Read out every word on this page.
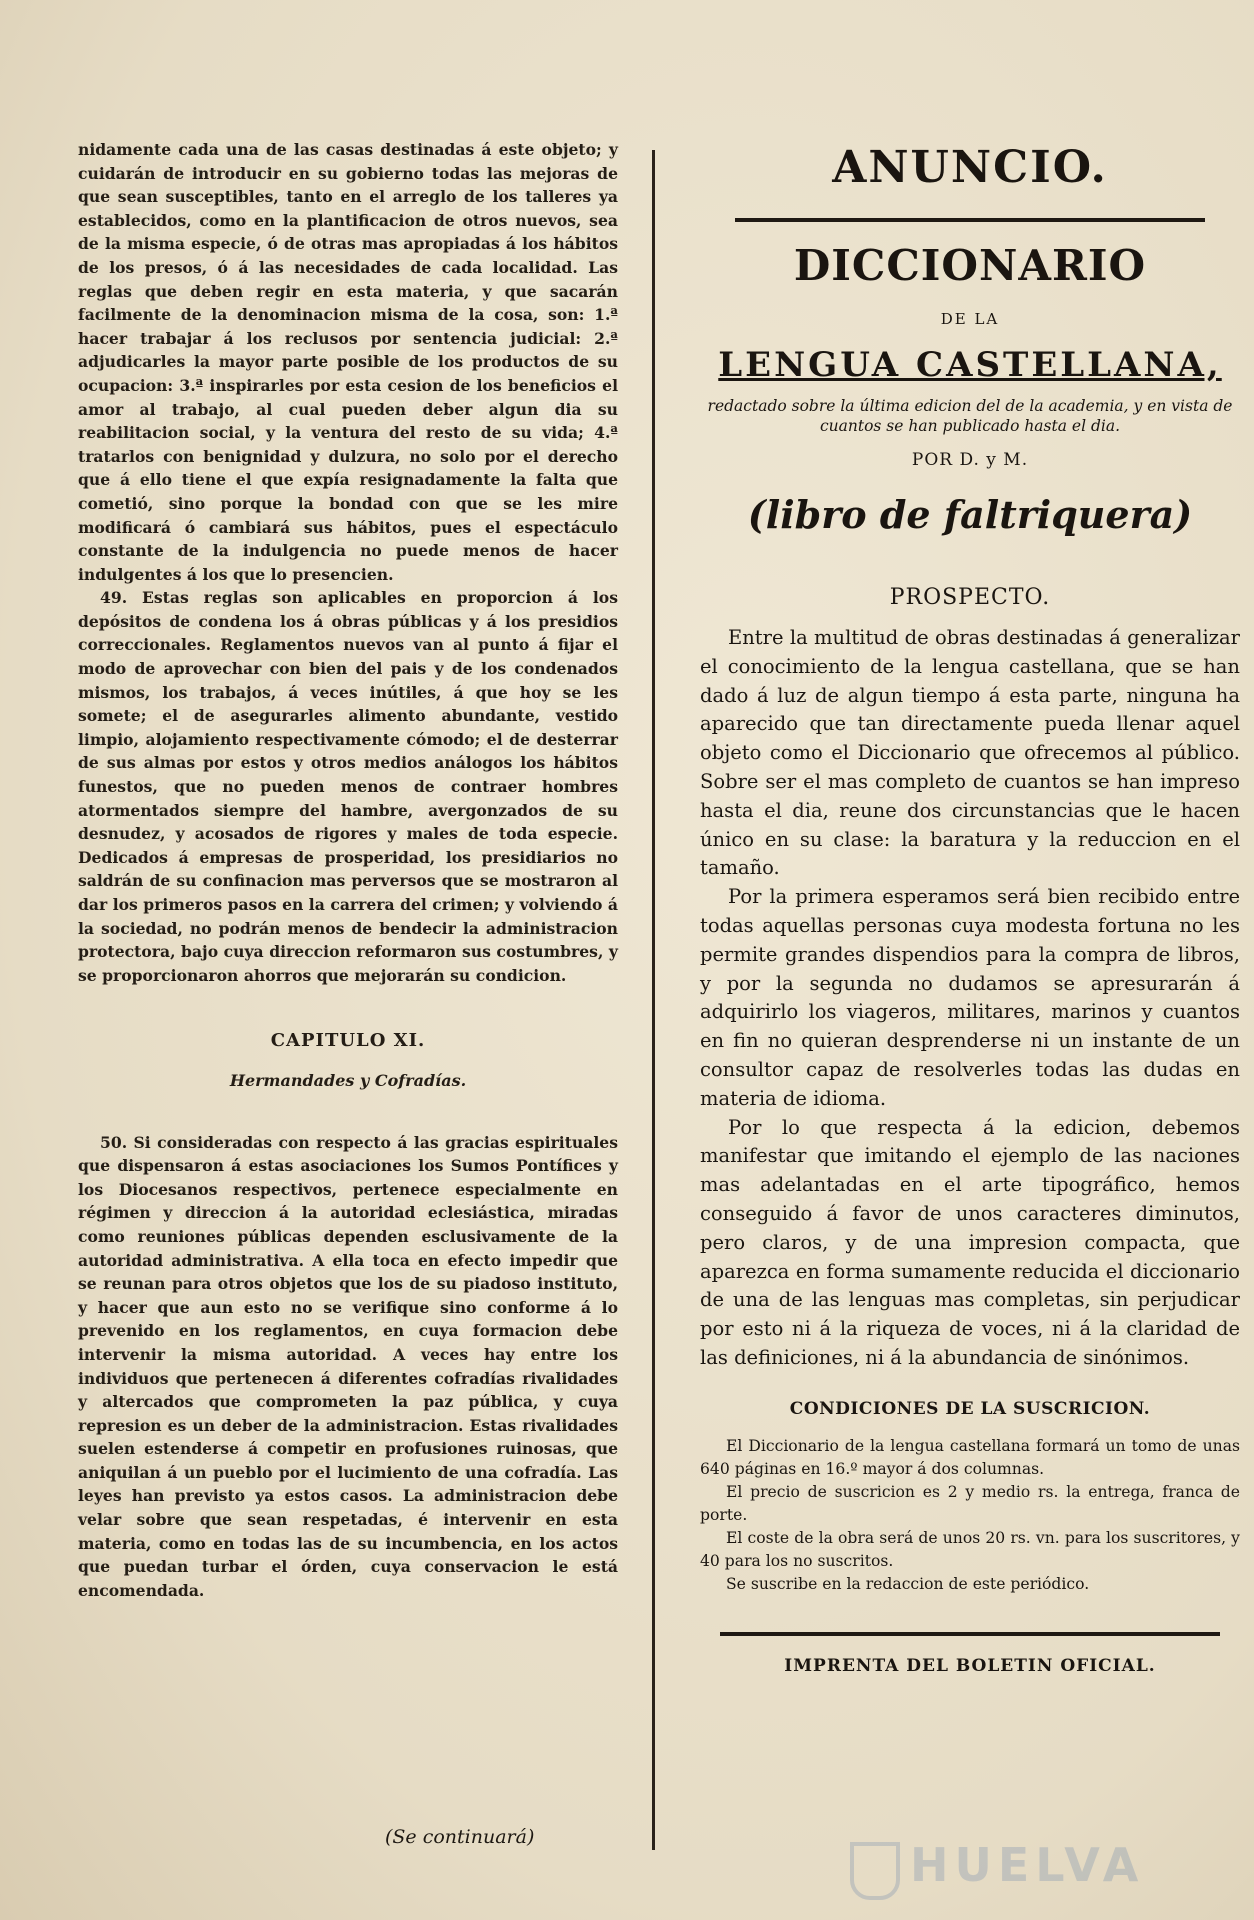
nidamente cada una de las casas destinadas á este objeto; y cuidarán de introducir en su gobierno todas las mejoras de que sean susceptibles, tanto en el arreglo de los talleres ya establecidos, como en la plantificacion de otros nuevos, sea de la misma especie, ó de otras mas apropiadas á los hábitos de los presos, ó á las necesidades de cada localidad. Las reglas que deben regir en esta materia, y que sacarán facilmente de la denominacion misma de la cosa, son: 1.ª hacer trabajar á los reclusos por sentencia judicial: 2.ª adjudicarles la mayor parte posible de los productos de su ocupacion: 3.ª inspirarles por esta cesion de los beneficios el amor al trabajo, al cual pueden deber algun dia su reabilitacion social, y la ventura del resto de su vida; 4.ª tratarlos con benignidad y dulzura, no solo por el derecho que á ello tiene el que expía resignadamente la falta que cometió, sino porque la bondad con que se les mire modificará ó cambiará sus hábitos, pues el espectáculo constante de la indulgencia no puede menos de hacer indulgentes á los que lo presencien.

49. Estas reglas son aplicables en proporcion á los depósitos de condena los á obras públicas y á los presidios correccionales. Reglamentos nuevos van al punto á fijar el modo de aprovechar con bien del pais y de los condenados mismos, los trabajos, á veces inútiles, á que hoy se les somete; el de asegurarles alimento abundante, vestido limpio, alojamiento respectivamente cómodo; el de desterrar de sus almas por estos y otros medios análogos los hábitos funestos, que no pueden menos de contraer hombres atormentados siempre del hambre, avergonzados de su desnudez, y acosados de rigores y males de toda especie. Dedicados á empresas de prosperidad, los presidiarios no saldrán de su confinacion mas perversos que se mostraron al dar los primeros pasos en la carrera del crimen; y volviendo á la sociedad, no podrán menos de bendecir la administracion protectora, bajo cuya direccion reformaron sus costumbres, y se proporcionaron ahorros que mejorarán su condicion.

CAPITULO XI.
Hermandades y Cofradías.

50. Si consideradas con respecto á las gracias espirituales que dispensaron á estas asociaciones los Sumos Pontífices y los Diocesanos respectivos, pertenece especialmente en régimen y direccion á la autoridad eclesiástica, miradas como reuniones públicas dependen esclusivamente de la autoridad administrativa. A ella toca en efecto impedir que se reunan para otros objetos que los de su piadoso instituto, y hacer que aun esto no se verifique sino conforme á lo prevenido en los reglamentos, en cuya formacion debe intervenir la misma autoridad. A veces hay entre los individuos que pertenecen á diferentes cofradías rivalidades y altercados que comprometen la paz pública, y cuya represion es un deber de la administracion. Estas rivalidades suelen estenderse á competir en profusiones ruinosas, que aniquilan á un pueblo por el lucimiento de una cofradía. Las leyes han previsto ya estos casos. La administracion debe velar sobre que sean respetadas, é intervenir en esta materia, como en todas las de su incumbencia, en los actos que puedan turbar el órden, cuya conservacion le está encomendada.

(Se continuará)
ANUNCIO.
DICCIONARIO
DE LA
LENGUA CASTELLANA,
redactado sobre la última edicion del de la academia, y en vista de cuantos se han publicado hasta el dia.
POR D. y M.
(libro de faltriquera)
PROSPECTO.

Entre la multitud de obras destinadas á generalizar el conocimiento de la lengua castellana, que se han dado á luz de algun tiempo á esta parte, ninguna ha aparecido que tan directamente pueda llenar aquel objeto como el Diccionario que ofrecemos al público. Sobre ser el mas completo de cuantos se han impreso hasta el dia, reune dos circunstancias que le hacen único en su clase: la baratura y la reduccion en el tamaño.

Por la primera esperamos será bien recibido entre todas aquellas personas cuya modesta fortuna no les permite grandes dispendios para la compra de libros, y por la segunda no dudamos se apresurarán á adquirirlo los viageros, militares, marinos y cuantos en fin no quieran desprenderse ni un instante de un consultor capaz de resolverles todas las dudas en materia de idioma.

Por lo que respecta á la edicion, debemos manifestar que imitando el ejemplo de las naciones mas adelantadas en el arte tipográfico, hemos conseguido á favor de unos caracteres diminutos, pero claros, y de una impresion compacta, que aparezca en forma sumamente reducida el diccionario de una de las lenguas mas completas, sin perjudicar por esto ni á la riqueza de voces, ni á la claridad de las definiciones, ni á la abundancia de sinónimos.

CONDICIONES DE LA SUSCRICION.

El Diccionario de la lengua castellana formará un tomo de unas 640 páginas en 16.º mayor á dos columnas.

El precio de suscricion es 2 y medio rs. la entrega, franca de porte.

El coste de la obra será de unos 20 rs. vn. para los suscritores, y 40 para los no suscritos.

Se suscribe en la redaccion de este periódico.

IMPRENTA DEL BOLETIN OFICIAL.
HUELVA
